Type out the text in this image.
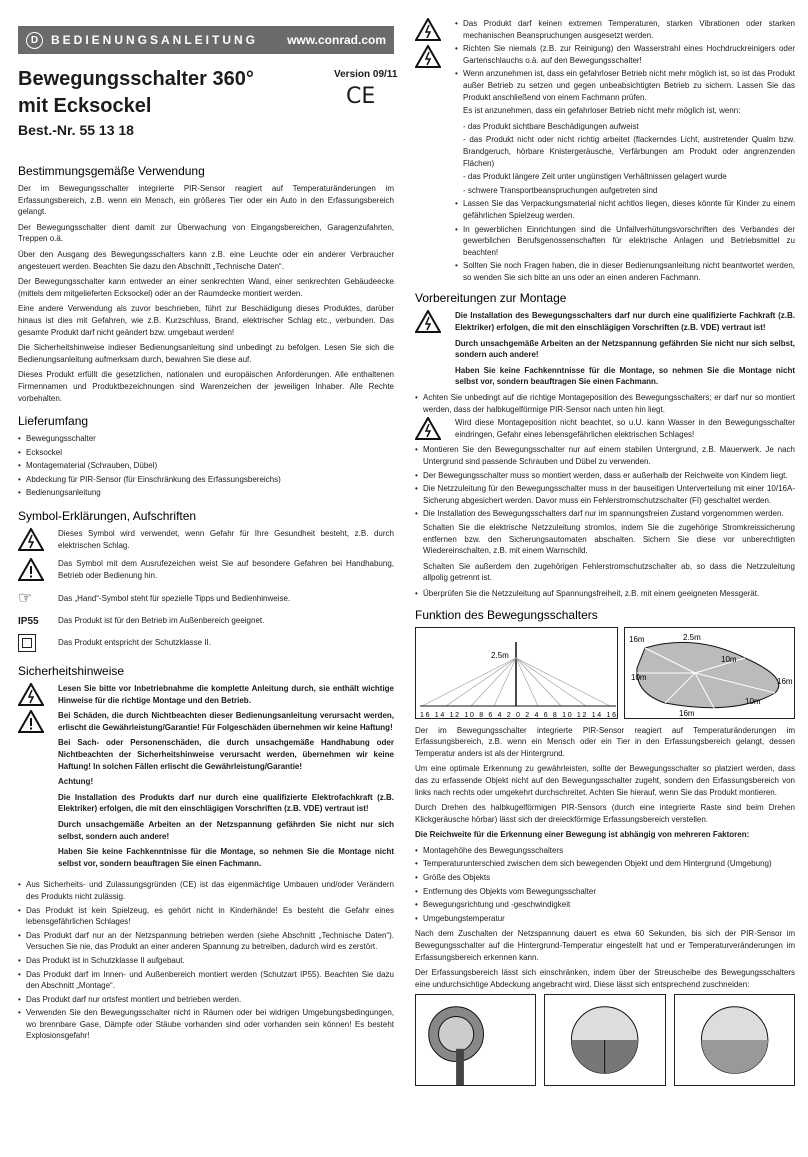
D	BEDIENUNGSANLEITUNG www.conrad.com
Bewegungsschalter 360°
mit Ecksockel
Best.-Nr. 55 13 18
Version 09/11
CE
Bestimmungsgemäße Verwendung

Der im Bewegungsschalter integrierte PIR-Sensor reagiert auf Temperaturänderungen im Erfassungsbereich, z.B. wenn ein Mensch, ein größeres Tier oder ein Auto in den Erfassungsbereich gelangt.

Der Bewegungsschalter dient damit zur Überwachung von Eingangsbereichen, Garagenzufahrten, Treppen o.ä.

Über den Ausgang des Bewegungsschalters kann z.B. eine Leuchte oder ein anderer Verbraucher angesteuert werden. Beachten Sie dazu den Abschnitt „Technische Daten“.

Der Bewegungsschalter kann entweder an einer senkrechten Wand, einer senkrechten Gebäudeecke (mittels dem mitgelieferten Ecksockel) oder an der Raumdecke montiert werden.

Eine andere Verwendung als zuvor beschrieben, führt zur Beschädigung dieses Produktes, darüber hinaus ist dies mit Gefahren, wie z.B. Kurzschluss, Brand, elektrischer Schlag etc., verbunden. Das gesamte Produkt darf nicht geändert bzw. umgebaut werden!

Die Sicherheitshinweise indieser Bedienungsanleitung sind unbedingt zu befolgen. Lesen Sie sich die Bedienungsanleitung aufmerksam durch, bewahren Sie diese auf.

Dieses Produkt erfüllt die gesetzlichen, nationalen und europäischen Anforderungen. Alle enthaltenen Firmennamen und Produktbezeichnungen sind Warenzeichen der jeweiligen Inhaber. Alle Rechte vorbehalten.

Lieferumfang
• Bewegungsschalter
• Ecksockel
• Montagematerial (Schrauben, Dübel)
• Abdeckung für PIR-Sensor (für Einschränkung des Erfassungsbereichs)
• Bedienungsanleitung
Symbol-Erklärungen, Aufschriften

Dieses Symbol wird verwendet, wenn Gefahr für Ihre Gesundheit besteht, z.B. durch elektrischen Schlag.

Das Symbol mit dem Ausrufezeichen weist Sie auf besondere Gefahren bei Handhabung, Betrieb oder Bedienung hin.

☞	Das „Hand“-Symbol steht für spezielle Tipps und Bedienhinweise.

IP55	Das Produkt ist für den Betrieb im Außenbereich geeignet.

Das Produkt entspricht der Schutzklasse II.

Sicherheitshinweise

Lesen Sie bitte vor Inbetriebnahme die komplette Anleitung durch, sie enthält wichtige Hinweise für die richtige Montage und den Betrieb.

Bei Schäden, die durch Nichtbeachten dieser Bedienungsanleitung verursacht werden, erlischt die Gewährleistung/Garantie! Für Folgeschäden übernehmen wir keine Haftung!

Bei Sach- oder Personenschäden, die durch unsachgemäße Handhabung oder Nichtbeachten der Sicherheitshinweise verursacht werden, übernehmen wir keine Haftung! In solchen Fällen erlischt die Gewährleistung/Garantie!

Achtung!

Die Installation des Produkts darf nur durch eine qualifizierte Elektrofachkraft (z.B. Elektriker) erfolgen, die mit den einschlägigen Vorschriften (z.B. VDE) vertraut ist!

Durch unsachgemäße Arbeiten an der Netzspannung gefährden Sie nicht nur sich selbst, sondern auch andere!

Haben Sie keine Fachkenntnisse für die Montage, so nehmen Sie die Montage nicht selbst vor, sondern beauftragen Sie einen Fachmann.

• Aus Sicherheits- und Zulassungsgründen (CE) ist das eigenmächtige Umbauen und/oder Verändern des Produkts nicht zulässig.
• Das Produkt ist kein Spielzeug, es gehört nicht in Kinderhände! Es besteht die Gefahr eines lebensgefährlichen Schlages!
• Das Produkt darf nur an der Netzspannung betrieben werden (siehe Abschnitt „Technische Daten“). Versuchen Sie nie, das Produkt an einer anderen Spannung zu betreiben, dadurch wird es zerstört.
• Das Produkt ist in Schutzklasse II aufgebaut.
• Das Produkt darf im Innen- und Außenbereich montiert werden (Schutzart IP55). Beachten Sie dazu den Abschnitt „Montage“.
• Das Produkt darf nur ortsfest montiert und betrieben werden.
• Verwenden Sie den Bewegungsschalter nicht in Räumen oder bei widrigen Umgebungsbedingungen, wo brennbare Gase, Dämpfe oder Stäube vorhanden sind oder vorhanden sein können! Es besteht Explosionsgefahr!
• Das Produkt darf keinen extremen Temperaturen, starken Vibrationen oder starken mechanischen Beanspruchungen ausgesetzt werden.
• Richten Sie niemals (z.B. zur Reinigung) den Wasserstrahl eines Hochdruckreinigers oder Gartenschlauchs o.ä. auf den Bewegungsschalter!
• Wenn anzunehmen ist, dass ein gefahrloser Betrieb nicht mehr möglich ist, so ist das Produkt außer Betrieb zu setzen und gegen unbeabsichtigten Betrieb zu sichern. Lassen Sie das Produkt anschließend von einem Fachmann prüfen.

Es ist anzunehmen, dass ein gefahrloser Betrieb nicht mehr möglich ist, wenn:

- das Produkt sichtbare Beschädigungen aufweist
- das Produkt nicht oder nicht richtig arbeitet (flackerndes Licht, austretender Qualm bzw. Brandgeruch, hörbare Knistergeräusche, Verfärbungen am Produkt oder angrenzenden Flächen)
- das Produkt längere Zeit unter ungünstigen Verhältnissen gelagert wurde
- schwere Transportbeanspruchungen aufgetreten sind
• Lassen Sie das Verpackungsmaterial nicht achtlos liegen, dieses könnte für Kinder zu einem gefährlichen Spielzeug werden.
• In gewerblichen Einrichtungen sind die Unfallverhütungsvorschriften des Verbandes der gewerblichen Berufsgenossenschaften für elektrische Anlagen und Betriebsmittel zu beachten!
• Sollten Sie noch Fragen haben, die in dieser Bedienungsanleitung nicht beantwortet werden, so wenden Sie sich bitte an uns oder an einen anderen Fachmann.
Vorbereitungen zur Montage

Die Installation des Bewegungsschalters darf nur durch eine qualifizierte Fachkraft (z.B. Elektriker) erfolgen, die mit den einschlägigen Vorschriften (z.B. VDE) vertraut ist!

Durch unsachgemäße Arbeiten an der Netzspannung gefährden Sie nicht nur sich selbst, sondern auch andere!

Haben Sie keine Fachkenntnisse für die Montage, so nehmen Sie die Montage nicht selbst vor, sondern beauftragen Sie einen Fachmann.

• Achten Sie unbedingt auf die richtige Montageposition des Bewegungsschalters; er darf nur so montiert werden, dass der halbkugelförmige PIR-Sensor nach unten hin liegt.

Wird diese Montageposition nicht beachtet, so u.U. kann Wasser in den Bewegungsschalter eindringen, Gefahr eines lebensgefährlichen elektrischen Schlages!

• Montieren Sie den Bewegungsschalter nur auf einem stabilen Untergrund, z.B. Mauerwerk. Je nach Untergrund sind passende Schrauben und Dübel zu verwenden.
• Der Bewegungsschalter muss so montiert werden, dass er außerhalb der Reichweite von Kindern liegt.
• Die Netzzuleitung für den Bewegungsschalter muss in der bauseitigen Unterverteilung mit einer 10/16A-Sicherung abgesichert werden. Davor muss ein Fehlerstromschutzschalter (FI) geschaltet werden.
• Die Installation des Bewegungsschalters darf nur im spannungsfreien Zustand vorgenommen werden.

Schalten Sie die elektrische Netzzuleitung stromlos, indem Sie die zugehörige Stromkreissicherung entfernen bzw. den Sicherungsautomaten abschalten. Sichern Sie diese vor unberechtigten Wiedereinschalten, z.B. mit einem Warnschild.

Schalten Sie außerdem den zugehörigen Fehlerstromschutzschalter ab, so dass die Netzzuleitung allpolig getrennt ist.

• Überprüfen Sie die Netzzuleitung auf Spannungsfreiheit, z.B. mit einem geeigneten Messgerät.
Funktion des Bewegungsschalters
2.5m
16 14 12 10 8 6 4 2 0 2 4 6 8 10 12 14 16
16m	2.5m
10m
10m	16m
10m
16m

Der im Bewegungsschalter integrierte PIR-Sensor reagiert auf Temperaturänderungen im Erfassungsbereich, z.B. wenn ein Mensch oder ein Tier in den Erfassungsbereich gelangt, dessen Temperatur anders ist als der Hintergrund.

Um eine optimale Erkennung zu gewährleisten, sollte der Bewegungsschalter so platziert werden, dass das zu erfassende Objekt nicht auf den Bewegungsschalter zugeht, sondern den Erfassungsbereich von links nach rechts oder umgekehrt durchschreitet. Achten Sie hierauf, wenn Sie das Produkt montieren.

Durch Drehen des halbkugelförmigen PIR-Sensors (durch eine integrierte Raste sind beim Drehen Klickgeräusche hörbar) lässt sich der dreieckförmige Erfassungsbereich verstellen.

Die Reichweite für die Erkennung einer Bewegung ist abhängig von mehreren Faktoren:

• Montagehöhe des Bewegungsschalters
• Temperaturunterschied zwischen dem sich bewegenden Objekt und dem Hintergrund (Umgebung)
• Größe des Objekts
• Entfernung des Objekts vom Bewegungsschalter
• Bewegungsrichtung und -geschwindigkeit
• Umgebungstemperatur

Nach dem Zuschalten der Netzspannung dauert es etwa 60 Sekunden, bis sich der PIR-Sensor im Bewegungsschalter auf die Hintergrund-Temperatur eingestellt hat und er Temperaturveränderungen im Erfassungsbereich erkennen kann.

Der Erfassungsbereich lässt sich einschränken, indem über der Streuscheibe des Bewegungsschalters eine undurchsichtige Abdeckung angebracht wird. Diese lässt sich entsprechend zuschneiden:
